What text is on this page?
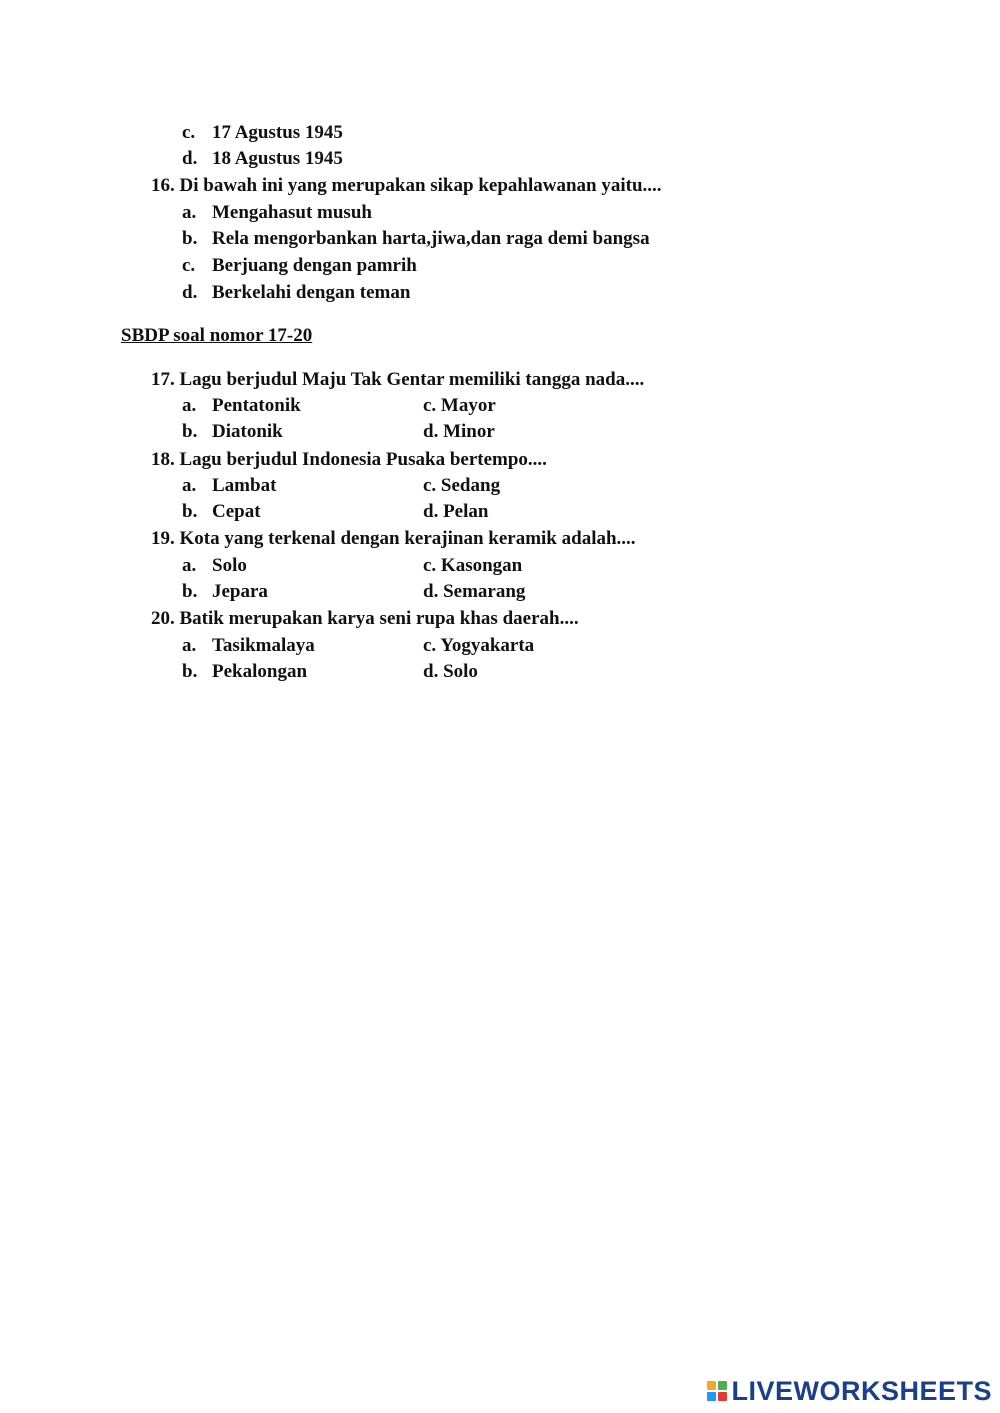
c. 17 Agustus 1945
d. 18 Agustus 1945
16. Di bawah ini yang merupakan sikap kepahlawanan yaitu....
a. Mengahasut musuh
b. Rela mengorbankan harta,jiwa,dan raga demi bangsa
c. Berjuang dengan pamrih
d. Berkelahi dengan teman
SBDP soal nomor 17-20
17. Lagu berjudul Maju Tak Gentar memiliki tangga nada....
a. Pentatonik	c. Mayor
b. Diatonik	d. Minor
18. Lagu berjudul Indonesia Pusaka bertempo....
a. Lambat	c. Sedang
b. Cepat	d. Pelan
19. Kota yang terkenal dengan kerajinan keramik adalah....
a. Solo	c. Kasongan
b. Jepara	d. Semarang
20. Batik merupakan karya seni rupa khas daerah....
a. Tasikmalaya	c. Yogyakarta
b. Pekalongan	d. Solo
LIVEWORKSHEETS
